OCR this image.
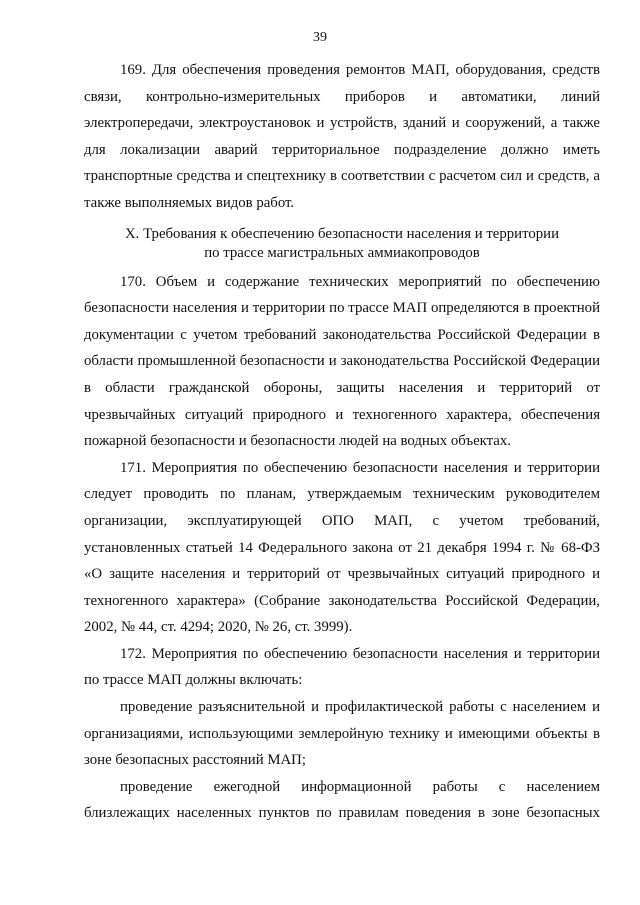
39

169. Для обеспечения проведения ремонтов МАП, оборудования, средств связи, контрольно-измерительных приборов и автоматики, линий электропередачи, электроустановок и устройств, зданий и сооружений, а также для локализации аварий территориальное подразделение должно иметь транспортные средства и спецтехнику в соответствии с расчетом сил и средств, а также выполняемых видов работ.

X. Требования к обеспечению безопасности населения и территории
по трассе магистральных аммиакопроводов

170. Объем и содержание технических мероприятий по обеспечению безопасности населения и территории по трассе МАП определяются в проектной документации с учетом требований законодательства Российской Федерации в области промышленной безопасности и законодательства Российской Федерации в области гражданской обороны, защиты населения и территорий от чрезвычайных ситуаций природного и техногенного характера, обеспечения пожарной безопасности и безопасности людей на водных объектах.

171. Мероприятия по обеспечению безопасности населения и территории следует проводить по планам, утверждаемым техническим руководителем организации, эксплуатирующей ОПО МАП, с учетом требований, установленных статьей 14 Федерального закона от 21 декабря 1994 г. № 68-ФЗ «О защите населения и территорий от чрезвычайных ситуаций природного и техногенного характера» (Собрание законодательства Российской Федерации, 2002, № 44, ст. 4294; 2020, № 26, ст. 3999).

172. Мероприятия по обеспечению безопасности населения и территории по трассе МАП должны включать:

проведение разъяснительной и профилактической работы с населением и организациями, использующими землеройную технику и имеющими объекты в зоне безопасных расстояний МАП;

проведение ежегодной информационной работы с населением близлежащих населенных пунктов по правилам поведения в зоне безопасных
